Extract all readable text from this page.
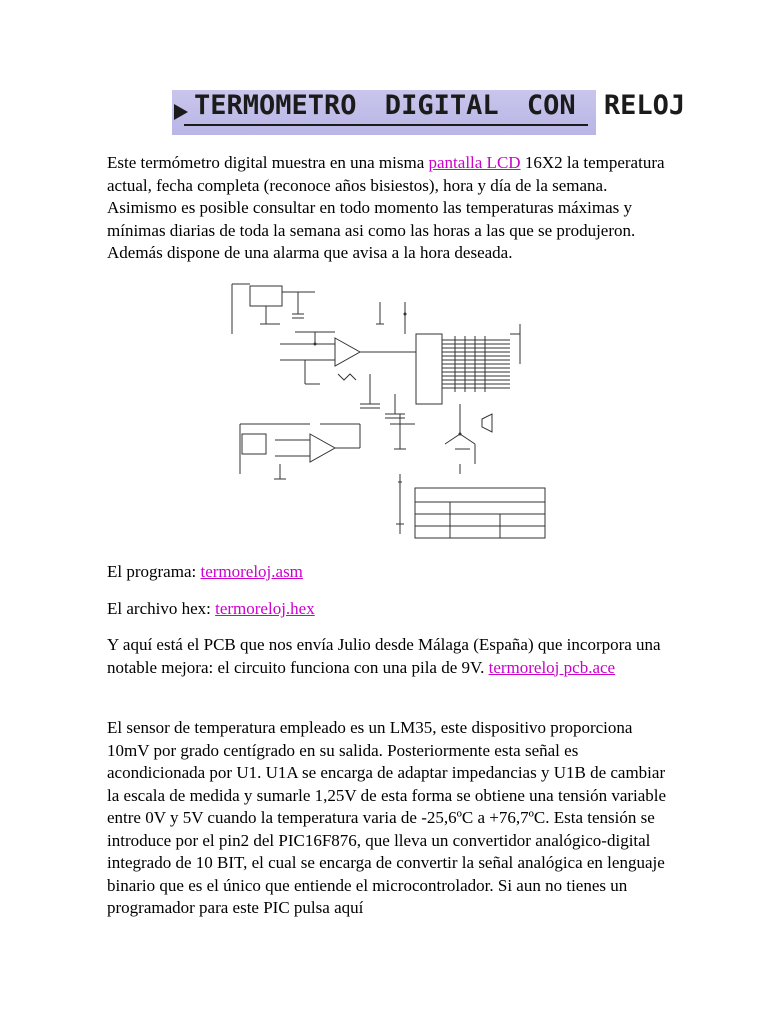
TERMOMETRO DIGITAL CON RELOJ

Este termómetro digital muestra en una misma pantalla LCD 16X2 la temperatura actual, fecha completa (reconoce años bisiestos), hora y día de la semana. Asimismo es posible consultar en todo momento las temperaturas máximas y mínimas diarias de toda la semana asi como las horas a las que se produjeron. Además dispone de una alarma que avisa a la hora deseada.

El programa: termoreloj.asm

El archivo hex: termoreloj.hex

Y aquí está el PCB que nos envía Julio desde Málaga (España) que incorpora una notable mejora: el circuito funciona con una pila de 9V. termoreloj pcb.ace

El sensor de temperatura empleado es un LM35, este dispositivo proporciona 10mV por grado centígrado en su salida. Posteriormente esta señal es acondicionada por U1. U1A se encarga de adaptar impedancias y U1B de cambiar la escala de medida y sumarle 1,25V de esta forma se obtiene una tensión variable entre 0V y 5V cuando la temperatura varia de -25,6ºC a +76,7ºC. Esta tensión se introduce por el pin2 del PIC16F876, que lleva un convertidor analógico-digital integrado de 10 BIT, el cual se encarga de convertir la señal analógica en lenguaje binario que es el único que entiende el microcontrolador. Si aun no tienes un programador para este PIC pulsa aquí
